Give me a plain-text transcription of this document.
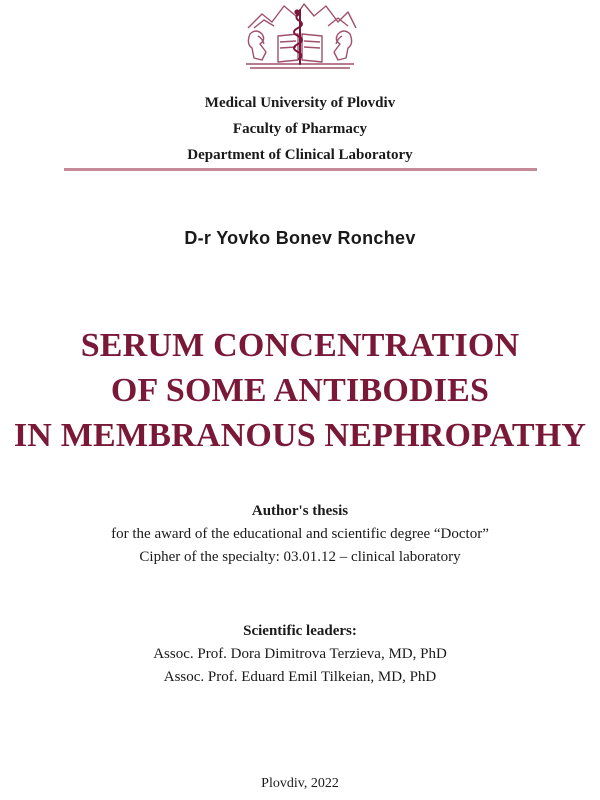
Medical University of Plovdiv
Faculty of Pharmacy
Department of Clinical Laboratory
D-r Yovko Bonev Ronchev
SERUM CONCENTRATION
OF SOME ANTIBODIES
IN MEMBRANOUS NEPHROPATHY
Author's thesis
for the award of the educational and scientific degree “Doctor”
Cipher of the specialty: 03.01.12 – clinical laboratory
Scientific leaders:
Assoc. Prof. Dora Dimitrova Terzieva, MD, PhD
Assoc. Prof. Eduard Emil Tilkeian, MD, PhD
Plovdiv, 2022
